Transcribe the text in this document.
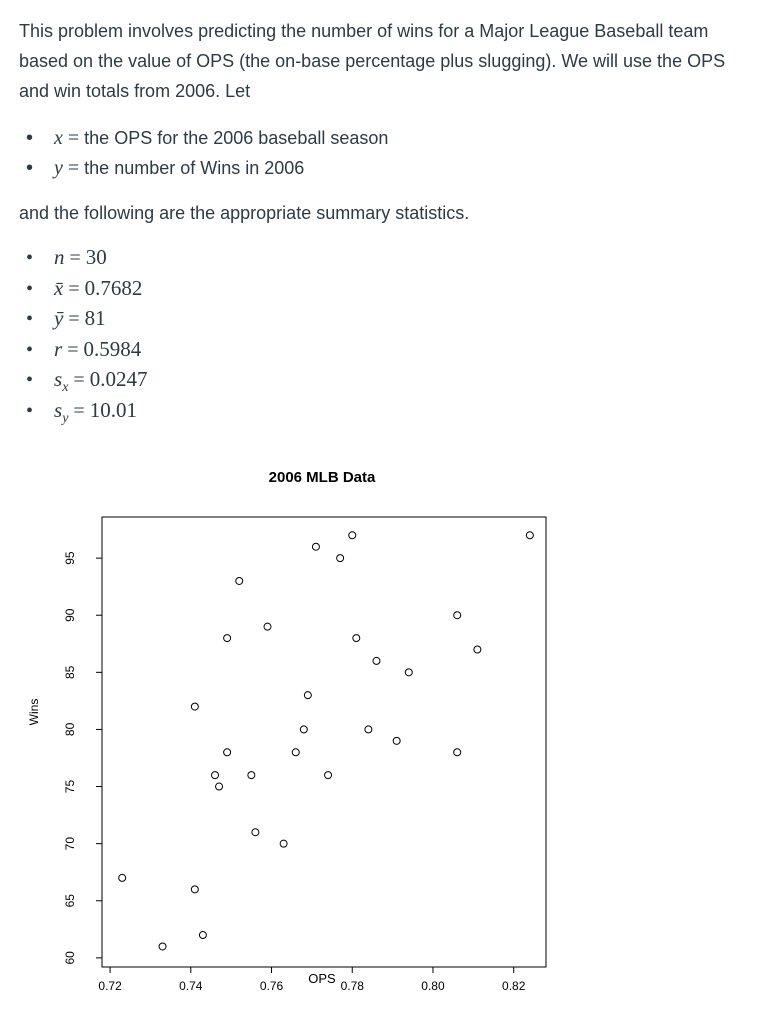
This problem involves predicting the number of wins for a Major League Baseball team based on the value of OPS (the on-base percentage plus slugging). We will use the OPS and win totals from 2006. Let

•x = the OPS for the 2006 baseball season
•y = the number of Wins in 2006

and the following are the appropriate summary statistics.

•n = 30
•x̄ = 0.7682
•ȳ = 81
•r = 0.5984
$•s_x = 0.0247$
$•s_y = 10.01$
2006 MLB Data
0.72	0.74	0.76	0.78	0.80	0.82
60
65
70
75
80
85
90
95
OPS
Wins
